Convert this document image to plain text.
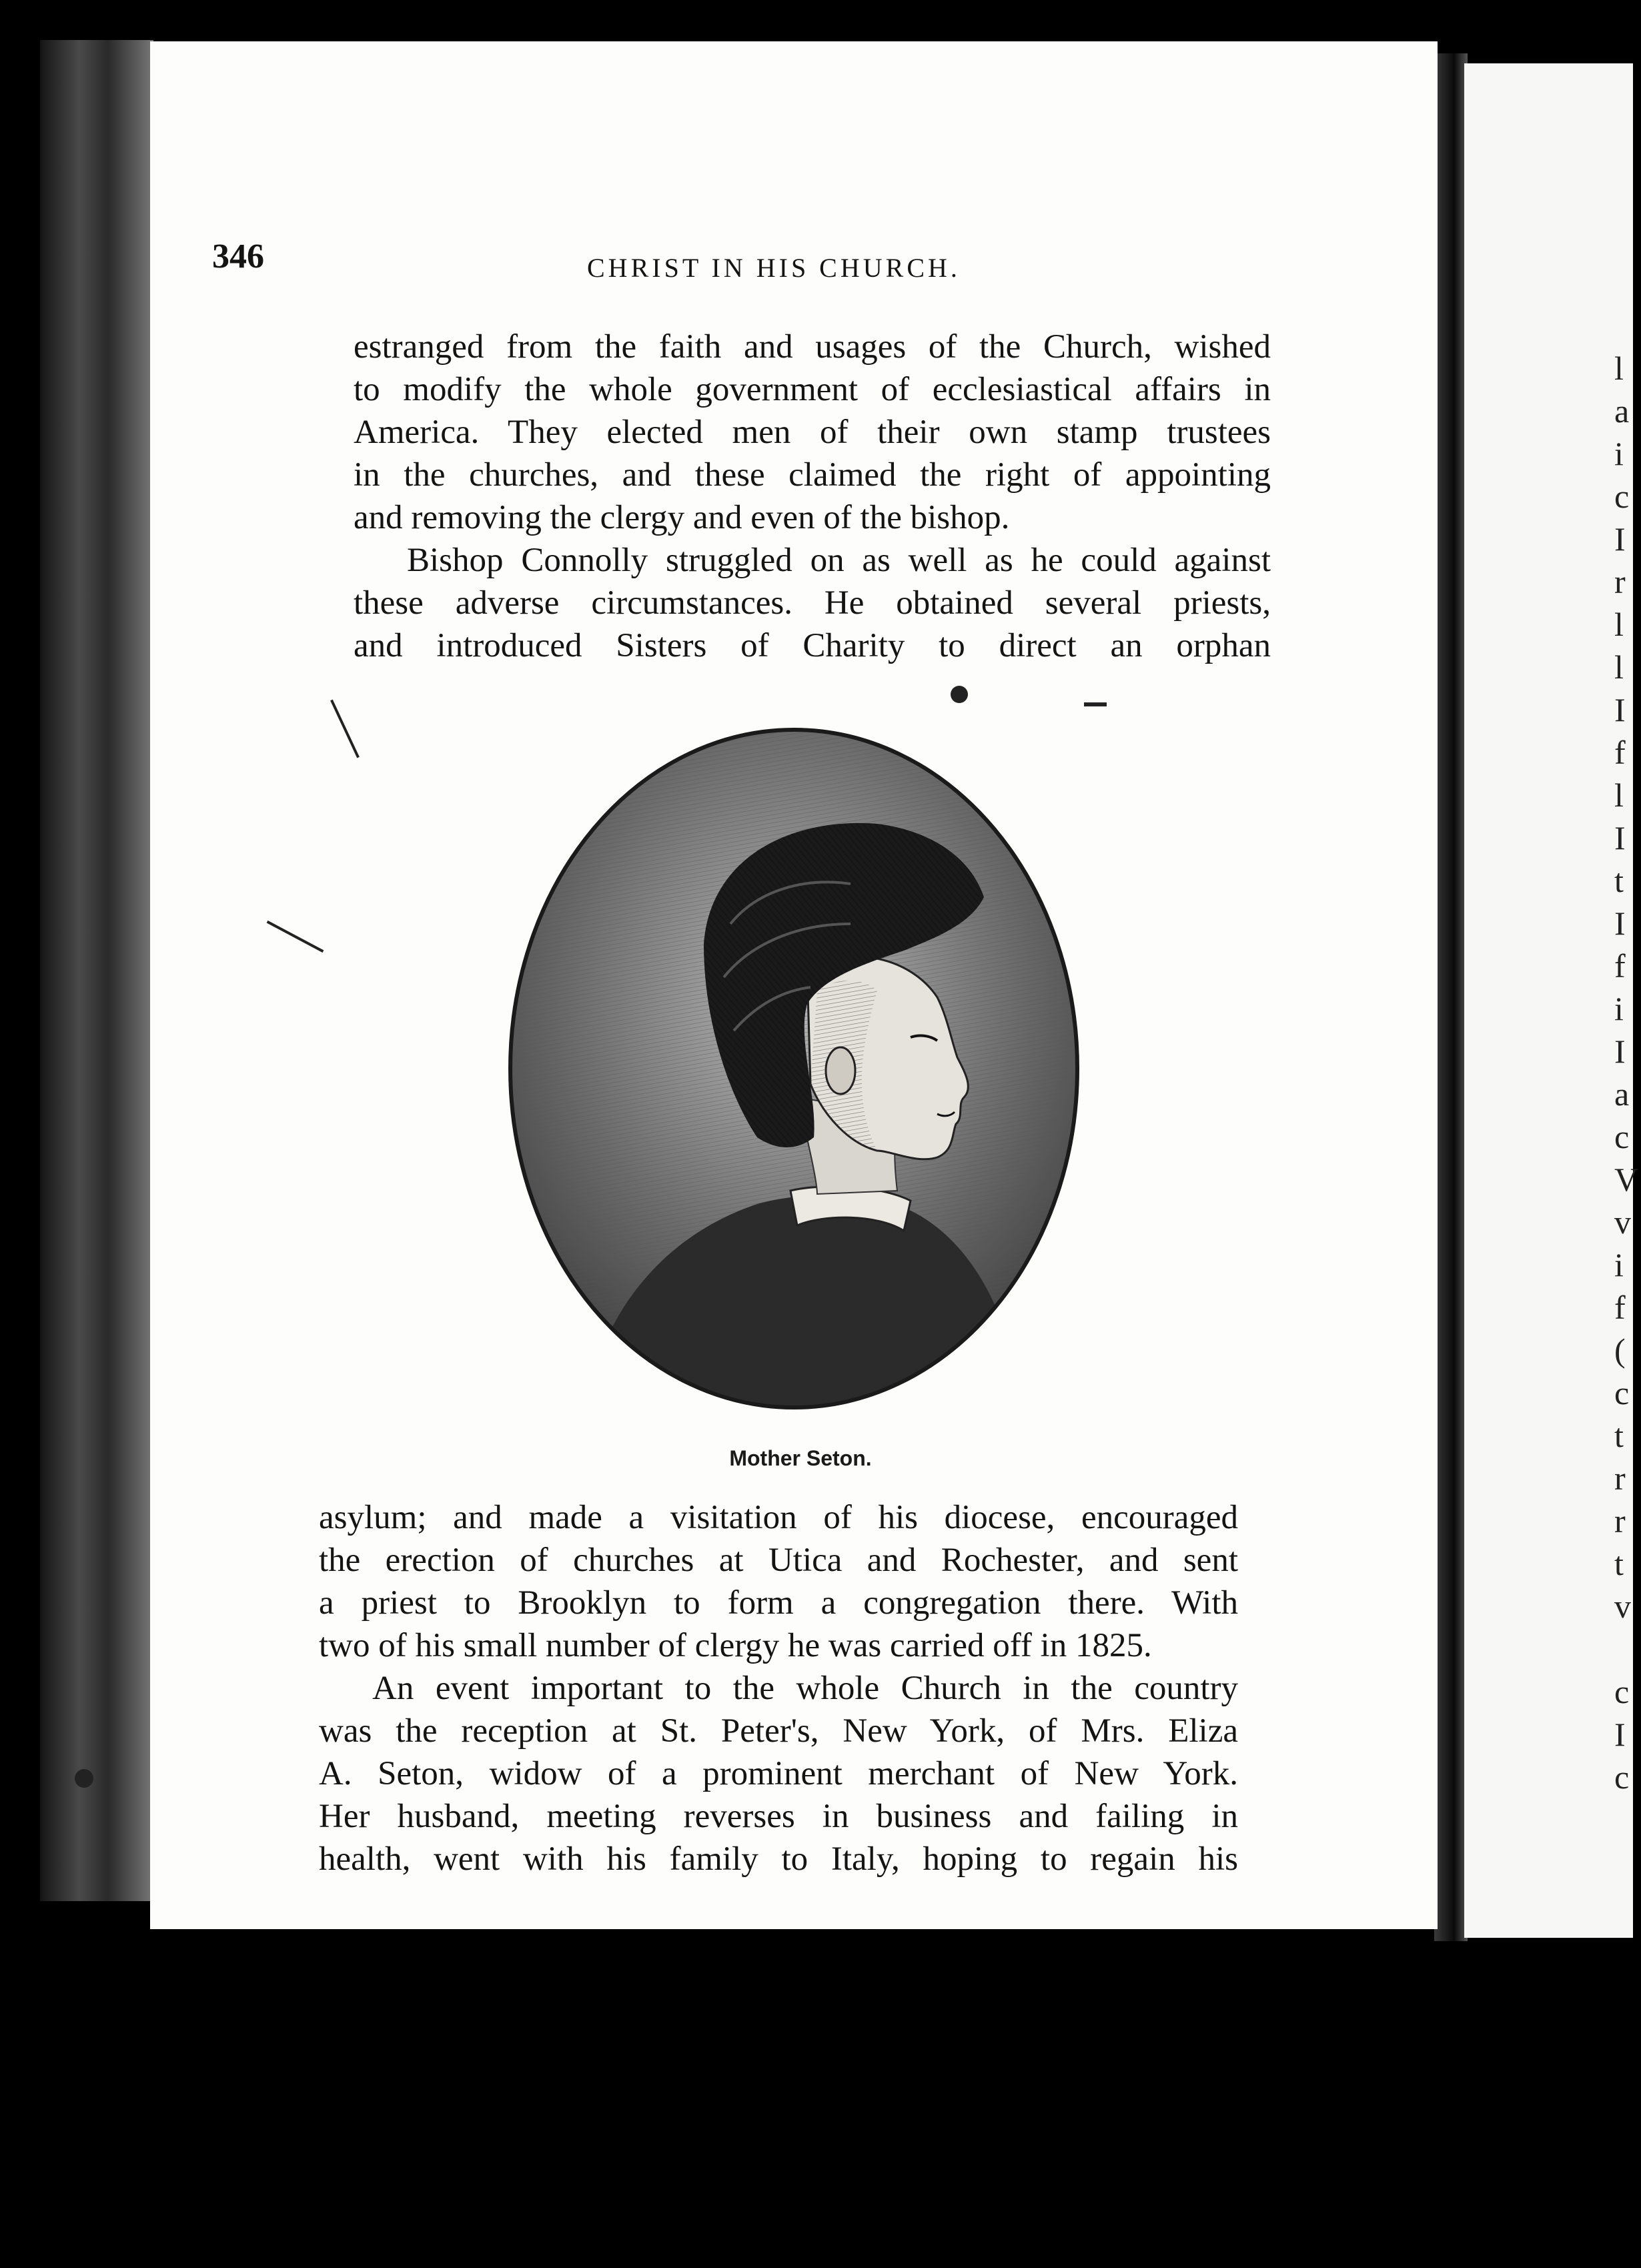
l
a
i
c
I
r
l
l
I
f
l
I
t
I
f
i
I
a
c
V
v
i
f
(
c
t
r
r
t
v
c
I
c

346	CHRIST IN HIS CHURCH.

estranged from the faith and usages of the Church, wished

to modify the whole government of ecclesiastical affairs in

America. They elected men of their own stamp trustees

in the churches, and these claimed the right of appointing

and removing the clergy and even of the bishop.

Bishop Connolly struggled on as well as he could against

these adverse circumstances. He obtained several priests,

and introduced Sisters of Charity to direct an orphan

Mother Seton.

asylum; and made a visitation of his diocese, encouraged

the erection of churches at Utica and Rochester, and sent

a priest to Brooklyn to form a congregation there. With

two of his small number of clergy he was carried off in 1825.

An event important to the whole Church in the country

was the reception at St. Peter's, New York, of Mrs. Eliza

A. Seton, widow of a prominent merchant of New York.

Her husband, meeting reverses in business and failing in

health, went with his family to Italy, hoping to regain his
